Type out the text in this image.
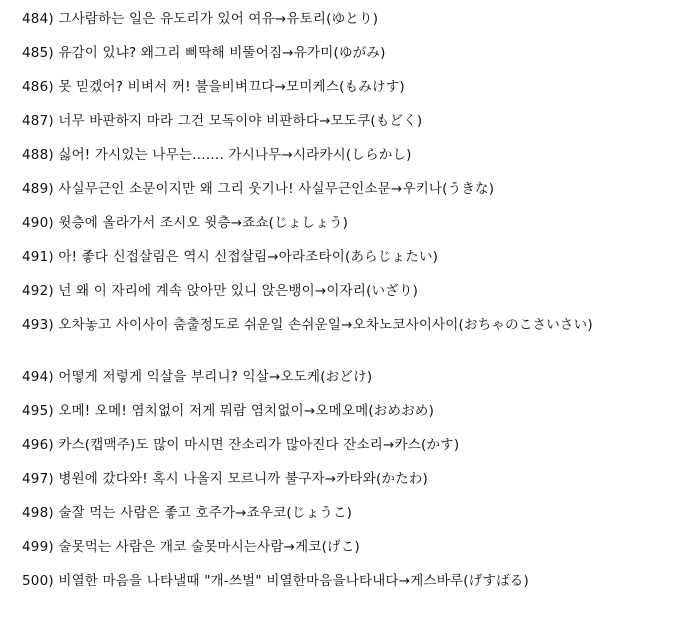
484) 그사람하는 일은 유도리가 있어 여유→유토리(ゆとり)

485) 유감이 있냐? 왜그리 삐딱해 비뚤어짐→유가미(ゆがみ)

486) 못 믿겠어? 비벼서 꺼! 불을비벼끄다→모미케스(もみけす)

487) 너무 바판하지 마라 그건 모독이야 비판하다→모도쿠(もどく)

488) 싫어! 가시있는 나무는……. 가시나무→시라카시(しらかし)

489) 사실무근인 소문이지만 왜 그리 웃기나! 사실무근인소문→우키나(うきな)

490) 윗층에 올라가서 조시오 윗층→죠쇼(じょしょう)

491) 아! 좋다 신접살림은 역시 신접살림→아라조타이(あらじょたい)

492) 넌 왜 이 자리에 계속 앉아만 있니 앉은뱅이→이자리(いざり)

493) 오차놓고 사이사이 춤출정도로 쉬운일 손쉬운일→오차노코사이사이(おちゃのこさいさい)

494) 어떻게 저렇게 익살을 부리니? 익살→오도케(おどけ)

495) 오메! 오메! 염치없이 저게 뭐람 염치없이→오메오메(おめおめ)

496) 카스(캡맥주)도 많이 마시면 잔소리가 많아진다 잔소리→카스(かす)

497) 병원에 갔다와! 혹시 나올지 모르니까 불구자→카타와(かたわ)

498) 술잘 먹는 사람은 좋고 호주가→죠우코(じょうこ)

499) 술못먹는 사람은 개코 술못마시는사람→게코(げこ)

500) 비열한 마음을 나타낼때 "개-쓰벌" 비열한마음을나타내다→게스바루(げすばる)
